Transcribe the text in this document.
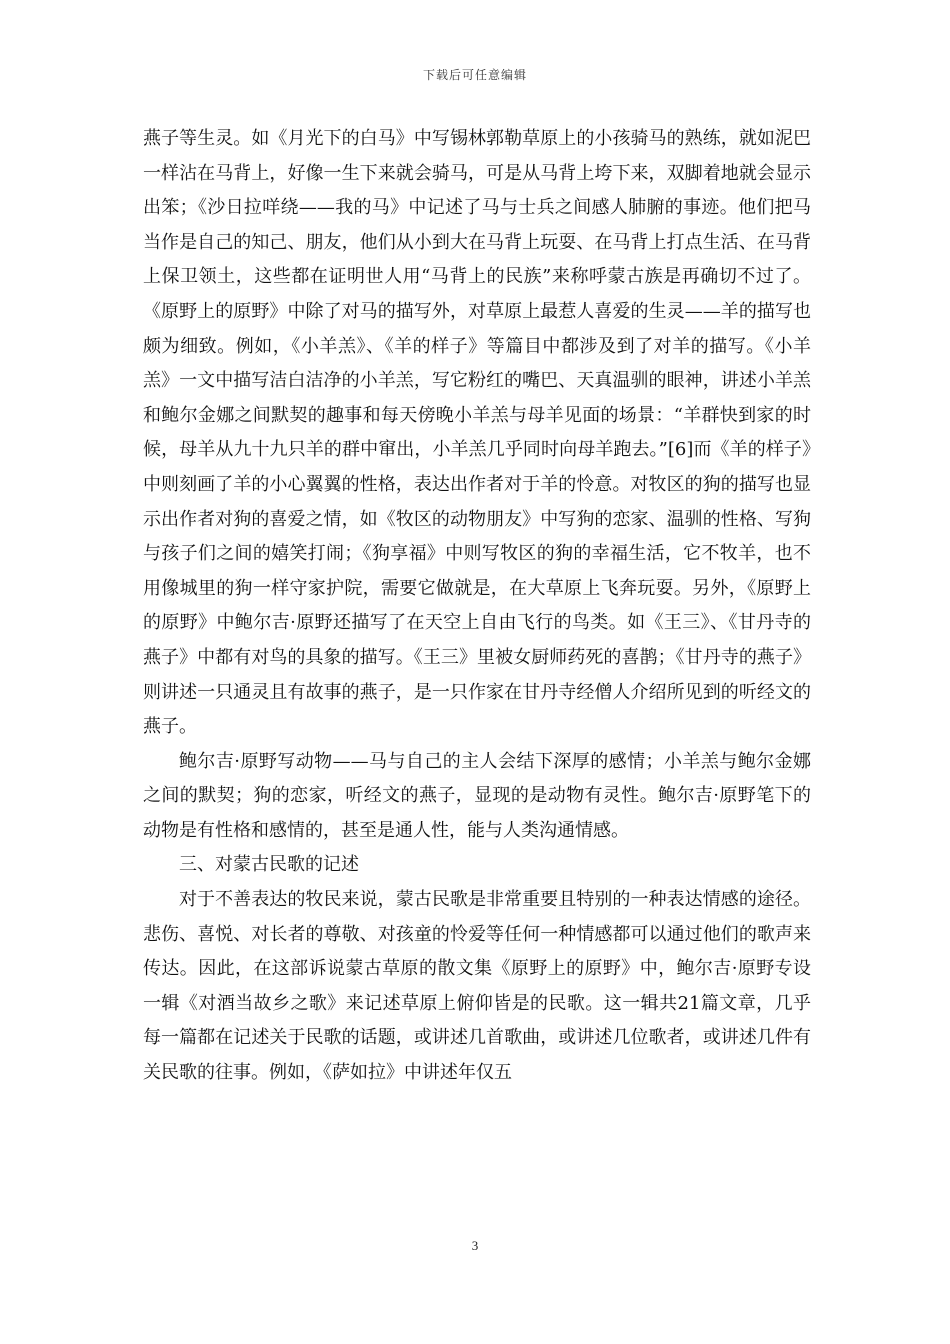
下载后可任意编辑

燕子等生灵。如《月光下的白马》中写锡林郭勒草原上的小孩骑马的熟练，就如泥巴一样沾在马背上，好像一生下来就会骑马，可是从马背上垮下来，双脚着地就会显示出笨；《沙日拉咩绕——我的马》中记述了马与士兵之间感人肺腑的事迹。他们把马当作是自己的知己、朋友，他们从小到大在马背上玩耍、在马背上打点生活、在马背上保卫领土，这些都在证明世人用“马背上的民族”来称呼蒙古族是再确切不过了。《原野上的原野》中除了对马的描写外，对草原上最惹人喜爱的生灵——羊的描写也颇为细致。例如，《小羊羔》、《羊的样子》等篇目中都涉及到了对羊的描写。《小羊羔》一文中描写洁白洁净的小羊羔，写它粉红的嘴巴、天真温驯的眼神，讲述小羊羔和鲍尔金娜之间默契的趣事和每天傍晚小羊羔与母羊见面的场景：“羊群快到家的时候，母羊从九十九只羊的群中窜出，小羊羔几乎同时向母羊跑去。”[6]而《羊的样子》中则刻画了羊的小心翼翼的性格，表达出作者对于羊的怜意。对牧区的狗的描写也显示出作者对狗的喜爱之情，如《牧区的动物朋友》中写狗的恋家、温驯的性格、写狗与孩子们之间的嬉笑打闹；《狗享福》中则写牧区的狗的幸福生活，它不牧羊，也不用像城里的狗一样守家护院，需要它做就是，在大草原上飞奔玩耍。另外，《原野上的原野》中鲍尔吉·原野还描写了在天空上自由飞行的鸟类。如《王三》、《甘丹寺的燕子》中都有对鸟的具象的描写。《王三》里被女厨师药死的喜鹊；《甘丹寺的燕子》则讲述一只通灵且有故事的燕子，是一只作家在甘丹寺经僧人介绍所见到的听经文的燕子。

鲍尔吉·原野写动物——马与自己的主人会结下深厚的感情；小羊羔与鲍尔金娜之间的默契；狗的恋家，听经文的燕子，显现的是动物有灵性。鲍尔吉·原野笔下的动物是有性格和感情的，甚至是通人性，能与人类沟通情感。

三、对蒙古民歌的记述

对于不善表达的牧民来说，蒙古民歌是非常重要且特别的一种表达情感的途径。悲伤、喜悦、对长者的尊敬、对孩童的怜爱等任何一种情感都可以通过他们的歌声来传达。因此，在这部诉说蒙古草原的散文集《原野上的原野》中，鲍尔吉·原野专设一辑《对酒当故乡之歌》来记述草原上俯仰皆是的民歌。这一辑共21篇文章，几乎每一篇都在记述关于民歌的话题，或讲述几首歌曲，或讲述几位歌者，或讲述几件有关民歌的往事。例如，《萨如拉》中讲述年仅五

3
